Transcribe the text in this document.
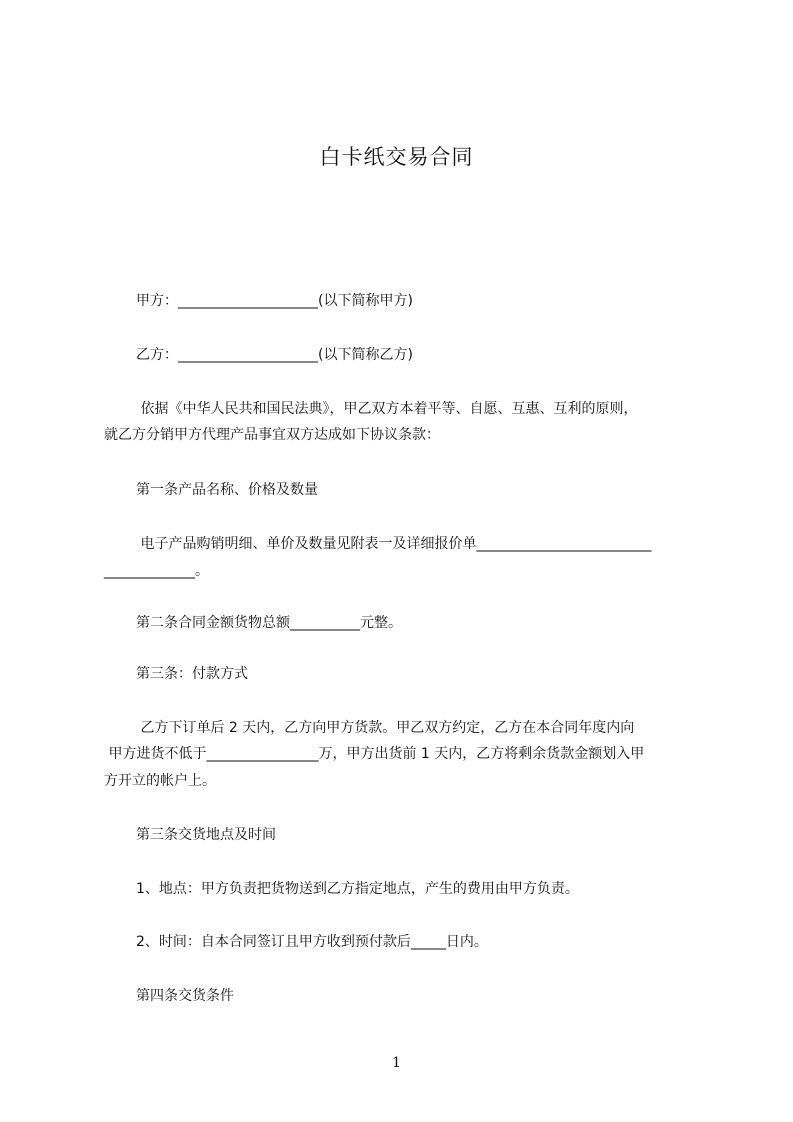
白卡纸交易合同
甲方：____________________(以下简称甲方)
乙方：____________________(以下简称乙方)
依据《中华人民共和国民法典》，甲乙双方本着平等、自愿、互惠、互利的原则，
就乙方分销甲方代理产品事宜双方达成如下协议条款：
第一条产品名称、价格及数量
电子产品购销明细、单价及数量见附表一及详细报价单_________________________
_____________。
第二条合同金额货物总额__________元整。
第三条：付款方式
乙方下订单后 2 天内，乙方向甲方货款。甲乙双方约定，乙方在本合同年度内向
甲方进货不低于________________万，甲方出货前 1 天内，乙方将剩余货款金额划入甲
方开立的帐户上。
第三条交货地点及时间
1、地点：甲方负责把货物送到乙方指定地点，产生的费用由甲方负责。
2、时间：自本合同签订且甲方收到预付款后_____日内。
第四条交货条件
1
